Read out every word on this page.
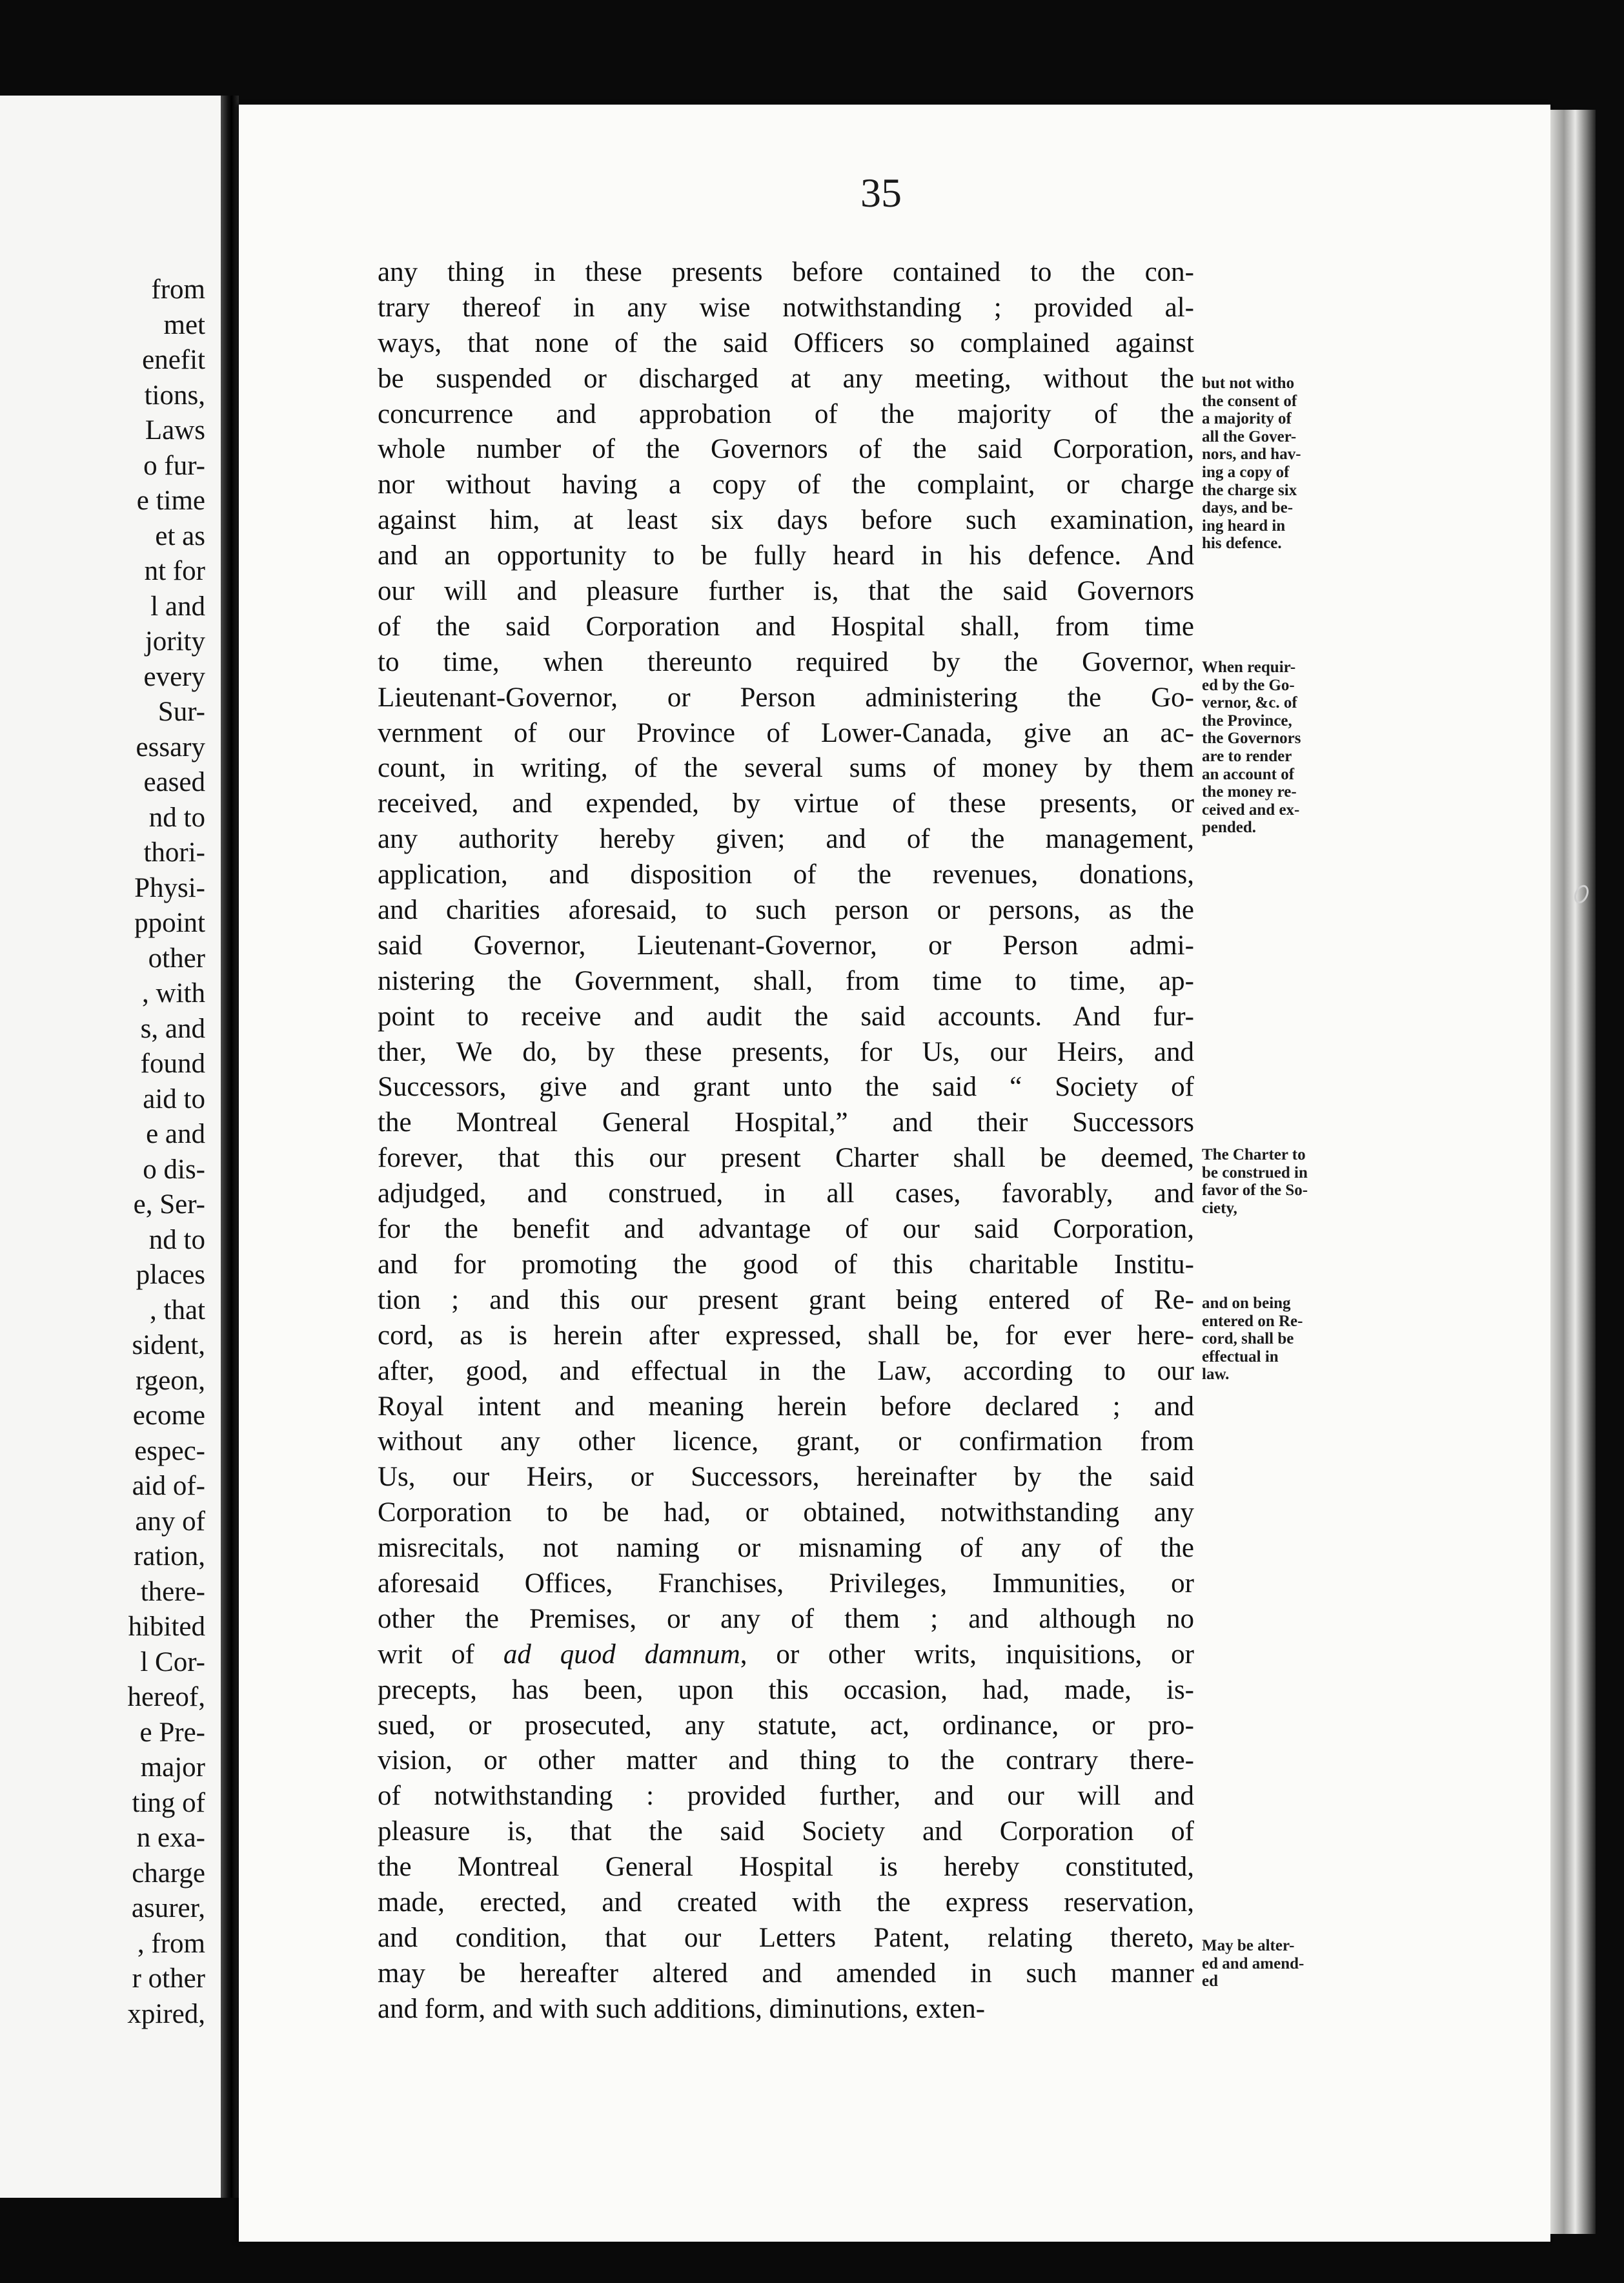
from
met
enefit
tions,
Laws
o fur-
e time
et as
nt for
l and
jority
every
Sur-
essary
eased
nd to
thori-
Physi-
ppoint
other
, with
s, and
found
aid to
e and
o dis-
e, Ser-
nd to
places
, that
sident,
rgeon,
ecome
espec-
aid of-
any of
ration,
there-
hibited
l Cor-
hereof,
e Pre-
major
ting of
n exa-
charge
asurer,
, from
r other
xpired,
35
any thing in these presents before contained to the con-
trary thereof in any wise notwithstanding ; provided al-
ways, that none of the said Officers so complained against
be suspended or discharged at any meeting, without the
concurrence and approbation of the majority of the
whole number of the Governors of the said Corporation,
nor without having a copy of the complaint, or charge
against him, at least six days before such examination,
and an opportunity to be fully heard in his defence. And
our will and pleasure further is, that the said Governors
of the said Corporation and Hospital shall, from time
to time, when thereunto required by the Governor,
Lieutenant-Governor, or Person administering the Go-
vernment of our Province of Lower-Canada, give an ac-
count, in writing, of the several sums of money by them
received, and expended, by virtue of these presents, or
any authority hereby given; and of the management,
application, and disposition of the revenues, donations,
and charities aforesaid, to such person or persons, as the
said Governor, Lieutenant-Governor, or Person admi-
nistering the Government, shall, from time to time, ap-
point to receive and audit the said accounts. And fur-
ther, We do, by these presents, for Us, our Heirs, and
Successors, give and grant unto the said “ Society of
the Montreal General Hospital,” and their Successors
forever, that this our present Charter shall be deemed,
adjudged, and construed, in all cases, favorably, and
for the benefit and advantage of our said Corporation,
and for promoting the good of this charitable Institu-
tion ; and this our present grant being entered of Re-
cord, as is herein after expressed, shall be, for ever here-
after, good, and effectual in the Law, according to our
Royal intent and meaning herein before declared ; and
without any other licence, grant, or confirmation from
Us, our Heirs, or Successors, hereinafter by the said
Corporation to be had, or obtained, notwithstanding any
misrecitals, not naming or misnaming of any of the
aforesaid Offices, Franchises, Privileges, Immunities, or
other the Premises, or any of them ; and although no
writ of ad quod damnum, or other writs, inquisitions, or
precepts, has been, upon this occasion, had, made, is-
sued, or prosecuted, any statute, act, ordinance, or pro-
vision, or other matter and thing to the contrary there-
of notwithstanding : provided further, and our will and
pleasure is, that the said Society and Corporation of
the Montreal General Hospital is hereby constituted,
made, erected, and created with the express reservation,
and condition, that our Letters Patent, relating thereto,
may be hereafter altered and amended in such manner
and form, and with such additions, diminutions, exten-
but not witho
the consent of
a majority of
all the Gover-
nors, and hav-
ing a copy of
the charge six
days, and be-
ing heard in
his defence.
When requir-
ed by the Go-
vernor, &c. of
the Province,
the Governors
are to render
an account of
the money re-
ceived and ex-
pended.
The Charter to
be construed in
favor of the So-
ciety,
and on being
entered on Re-
cord, shall be
effectual in
law.
May be alter-
ed and amend-
ed
